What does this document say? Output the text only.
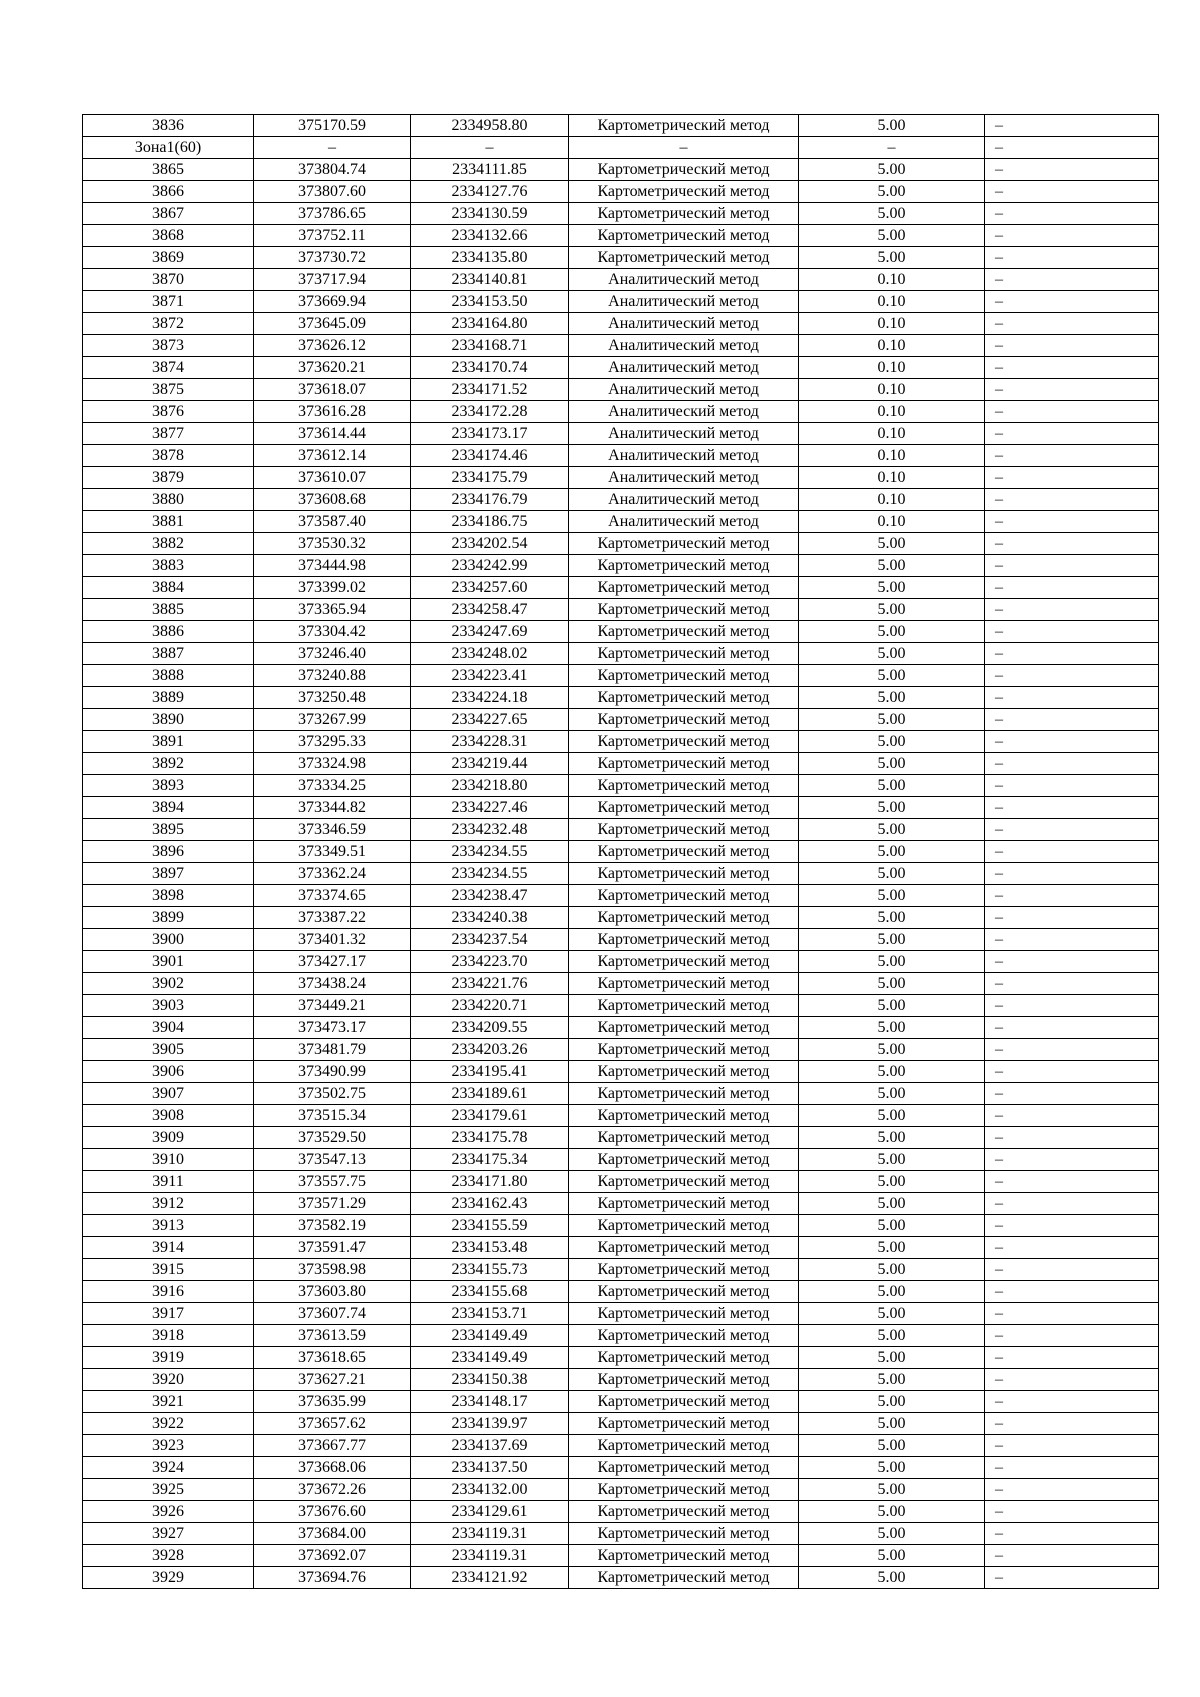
3836	375170.59	2334958.80	Картометрический метод	5.00	–
Зона1(60)	–	–	–	–	–
3865	373804.74	2334111.85	Картометрический метод	5.00	–
3866	373807.60	2334127.76	Картометрический метод	5.00	–
3867	373786.65	2334130.59	Картометрический метод	5.00	–
3868	373752.11	2334132.66	Картометрический метод	5.00	–
3869	373730.72	2334135.80	Картометрический метод	5.00	–
3870	373717.94	2334140.81	Аналитический метод	0.10	–
3871	373669.94	2334153.50	Аналитический метод	0.10	–
3872	373645.09	2334164.80	Аналитический метод	0.10	–
3873	373626.12	2334168.71	Аналитический метод	0.10	–
3874	373620.21	2334170.74	Аналитический метод	0.10	–
3875	373618.07	2334171.52	Аналитический метод	0.10	–
3876	373616.28	2334172.28	Аналитический метод	0.10	–
3877	373614.44	2334173.17	Аналитический метод	0.10	–
3878	373612.14	2334174.46	Аналитический метод	0.10	–
3879	373610.07	2334175.79	Аналитический метод	0.10	–
3880	373608.68	2334176.79	Аналитический метод	0.10	–
3881	373587.40	2334186.75	Аналитический метод	0.10	–
3882	373530.32	2334202.54	Картометрический метод	5.00	–
3883	373444.98	2334242.99	Картометрический метод	5.00	–
3884	373399.02	2334257.60	Картометрический метод	5.00	–
3885	373365.94	2334258.47	Картометрический метод	5.00	–
3886	373304.42	2334247.69	Картометрический метод	5.00	–
3887	373246.40	2334248.02	Картометрический метод	5.00	–
3888	373240.88	2334223.41	Картометрический метод	5.00	–
3889	373250.48	2334224.18	Картометрический метод	5.00	–
3890	373267.99	2334227.65	Картометрический метод	5.00	–
3891	373295.33	2334228.31	Картометрический метод	5.00	–
3892	373324.98	2334219.44	Картометрический метод	5.00	–
3893	373334.25	2334218.80	Картометрический метод	5.00	–
3894	373344.82	2334227.46	Картометрический метод	5.00	–
3895	373346.59	2334232.48	Картометрический метод	5.00	–
3896	373349.51	2334234.55	Картометрический метод	5.00	–
3897	373362.24	2334234.55	Картометрический метод	5.00	–
3898	373374.65	2334238.47	Картометрический метод	5.00	–
3899	373387.22	2334240.38	Картометрический метод	5.00	–
3900	373401.32	2334237.54	Картометрический метод	5.00	–
3901	373427.17	2334223.70	Картометрический метод	5.00	–
3902	373438.24	2334221.76	Картометрический метод	5.00	–
3903	373449.21	2334220.71	Картометрический метод	5.00	–
3904	373473.17	2334209.55	Картометрический метод	5.00	–
3905	373481.79	2334203.26	Картометрический метод	5.00	–
3906	373490.99	2334195.41	Картометрический метод	5.00	–
3907	373502.75	2334189.61	Картометрический метод	5.00	–
3908	373515.34	2334179.61	Картометрический метод	5.00	–
3909	373529.50	2334175.78	Картометрический метод	5.00	–
3910	373547.13	2334175.34	Картометрический метод	5.00	–
3911	373557.75	2334171.80	Картометрический метод	5.00	–
3912	373571.29	2334162.43	Картометрический метод	5.00	–
3913	373582.19	2334155.59	Картометрический метод	5.00	–
3914	373591.47	2334153.48	Картометрический метод	5.00	–
3915	373598.98	2334155.73	Картометрический метод	5.00	–
3916	373603.80	2334155.68	Картометрический метод	5.00	–
3917	373607.74	2334153.71	Картометрический метод	5.00	–
3918	373613.59	2334149.49	Картометрический метод	5.00	–
3919	373618.65	2334149.49	Картометрический метод	5.00	–
3920	373627.21	2334150.38	Картометрический метод	5.00	–
3921	373635.99	2334148.17	Картометрический метод	5.00	–
3922	373657.62	2334139.97	Картометрический метод	5.00	–
3923	373667.77	2334137.69	Картометрический метод	5.00	–
3924	373668.06	2334137.50	Картометрический метод	5.00	–
3925	373672.26	2334132.00	Картометрический метод	5.00	–
3926	373676.60	2334129.61	Картометрический метод	5.00	–
3927	373684.00	2334119.31	Картометрический метод	5.00	–
3928	373692.07	2334119.31	Картометрический метод	5.00	–
3929	373694.76	2334121.92	Картометрический метод	5.00	–
